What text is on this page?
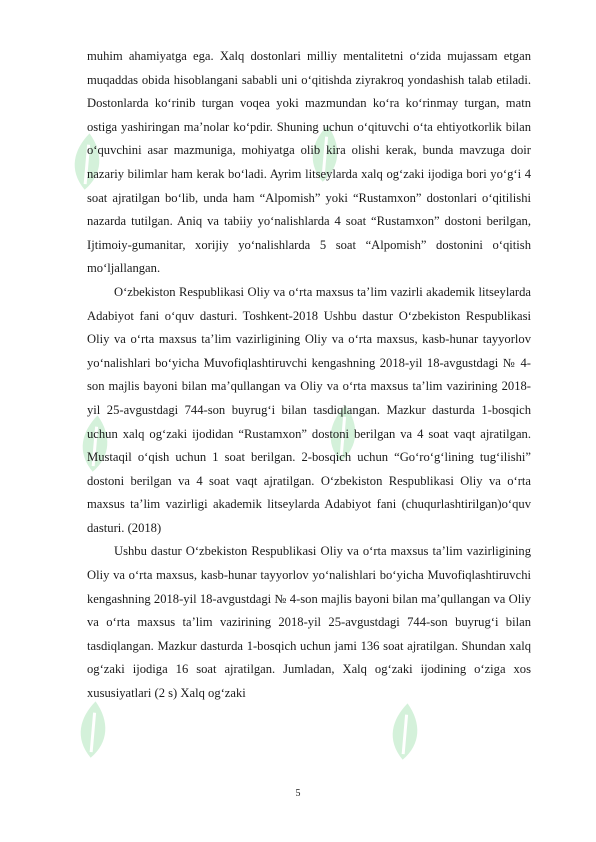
muhim ahamiyatga ega. Xalq dostonlari milliy mentalitetni o‘zida mujassam etgan muqaddas obida hisoblangani sababli uni o‘qitishda ziyrakroq yondashish talab etiladi. Dostonlarda ko‘rinib turgan voqea yoki mazmundan ko‘ra ko‘rinmay turgan, matn ostiga yashiringan ma’nolar ko‘pdir. Shuning uchun o‘qituvchi o‘ta ehtiyotkorlik bilan o‘quvchini asar mazmuniga, mohiyatga olib kira olishi kerak, bunda mavzuga doir nazariy bilimlar ham kerak bo‘ladi. Ayrim litseylarda xalq og‘zaki ijodiga bori yo‘g‘i 4 soat ajratilgan bo‘lib, unda ham “Alpomish” yoki “Rustamxon” dostonlari o‘qitilishi nazarda tutilgan. Aniq va tabiiy yo‘nalishlarda 4 soat “Rustamxon” dostoni berilgan, Ijtimoiy-gumanitar, xorijiy yo‘nalishlarda 5 soat “Alpomish” dostonini o‘qitish mo‘ljallangan.

O‘zbekiston Respublikasi Oliy va o‘rta maxsus ta’lim vazirli akademik litseylarda Adabiyot fani o‘quv dasturi. Toshkent-2018 Ushbu dastur O‘zbekiston Respublikasi Oliy va o‘rta maxsus ta’lim vazirligining Oliy va o‘rta maxsus, kasb-hunar tayyorlov yo‘nalishlari bo‘yicha Muvofiqlashtiruvchi kengashning 2018-yil 18-avgustdagi № 4-son majlis bayoni bilan ma’qullangan va Oliy va o‘rta maxsus ta’lim vazirining 2018-yil 25-avgustdagi 744-son buyrug‘i bilan tasdiqlangan. Mazkur dasturda 1-bosqich uchun xalq og‘zaki ijodidan “Rustamxon” dostoni berilgan va 4 soat vaqt ajratilgan. Mustaqil o‘qish uchun 1 soat berilgan. 2-bosqich uchun “Go‘ro‘g‘lining tug‘ilishi” dostoni berilgan va 4 soat vaqt ajratilgan. O‘zbekiston Respublikasi Oliy va o‘rta maxsus ta’lim vazirligi akademik litseylarda Adabiyot fani (chuqurlashtirilgan)o‘quv dasturi. (2018)

Ushbu dastur O‘zbekiston Respublikasi Oliy va o‘rta maxsus ta’lim vazirligining Oliy va o‘rta maxsus, kasb-hunar tayyorlov yo‘nalishlari bo‘yicha Muvofiqlashtiruvchi kengashning 2018-yil 18-avgustdagi № 4-son majlis bayoni bilan ma’qullangan va Oliy va o‘rta maxsus ta’lim vazirining 2018-yil 25-avgustdagi 744-son buyrug‘i bilan tasdiqlangan. Mazkur dasturda 1-bosqich uchun jami 136 soat ajratilgan. Shundan xalq og‘zaki ijodiga 16 soat ajratilgan. Jumladan, Xalq og‘zaki ijodining o‘ziga xos xususiyatlari (2 s) Xalq og‘zaki

5
